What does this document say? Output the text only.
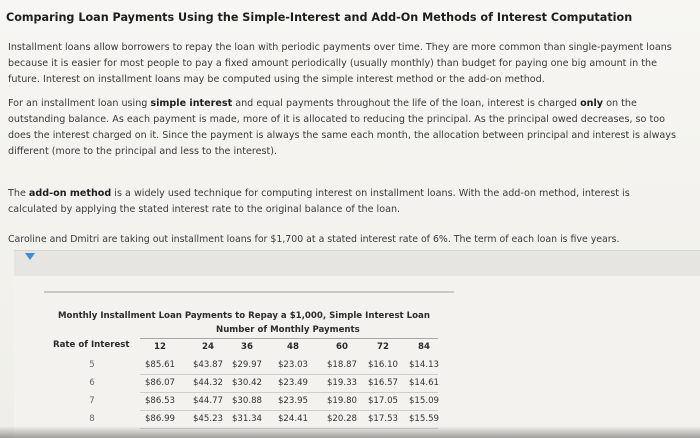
Comparing Loan Payments Using the Simple-Interest and Add-On Methods of Interest Computation
Installment loans allow borrowers to repay the loan with periodic payments over time. They are more common than single-payment loans because it is easier for most people to pay a fixed amount periodically (usually monthly) than budget for paying one big amount in the future. Interest on installment loans may be computed using the simple interest method or the add-on method.
For an installment loan using simple interest and equal payments throughout the life of the loan, interest is charged only on the outstanding balance. As each payment is made, more of it is allocated to reducing the principal. As the principal owed decreases, so too does the interest charged on it. Since the payment is always the same each month, the allocation between principal and interest is always different (more to the principal and less to the interest).
The add-on method is a widely used technique for computing interest on installment loans. With the add-on method, interest is calculated by applying the stated interest rate to the original balance of the loan.
Caroline and Dmitri are taking out installment loans for $1,700 at a stated interest rate of 6%. The term of each loan is five years.
Monthly Installment Loan Payments to Repay a $1,000, Simple Interest Loan
Number of Monthly Payments
Rate of Interest	12	24	36	48	60	72	84
5	$85.61	$43.87	$29.97	$23.03	$18.87	$16.10	$14.13
6	$86.07	$44.32	$30.42	$23.49	$19.33	$16.57	$14.61
7	$86.53	$44.77	$30.88	$23.95	$19.80	$17.05	$15.09
8	$86.99	$45.23	$31.34	$24.41	$20.28	$17.53	$15.59
